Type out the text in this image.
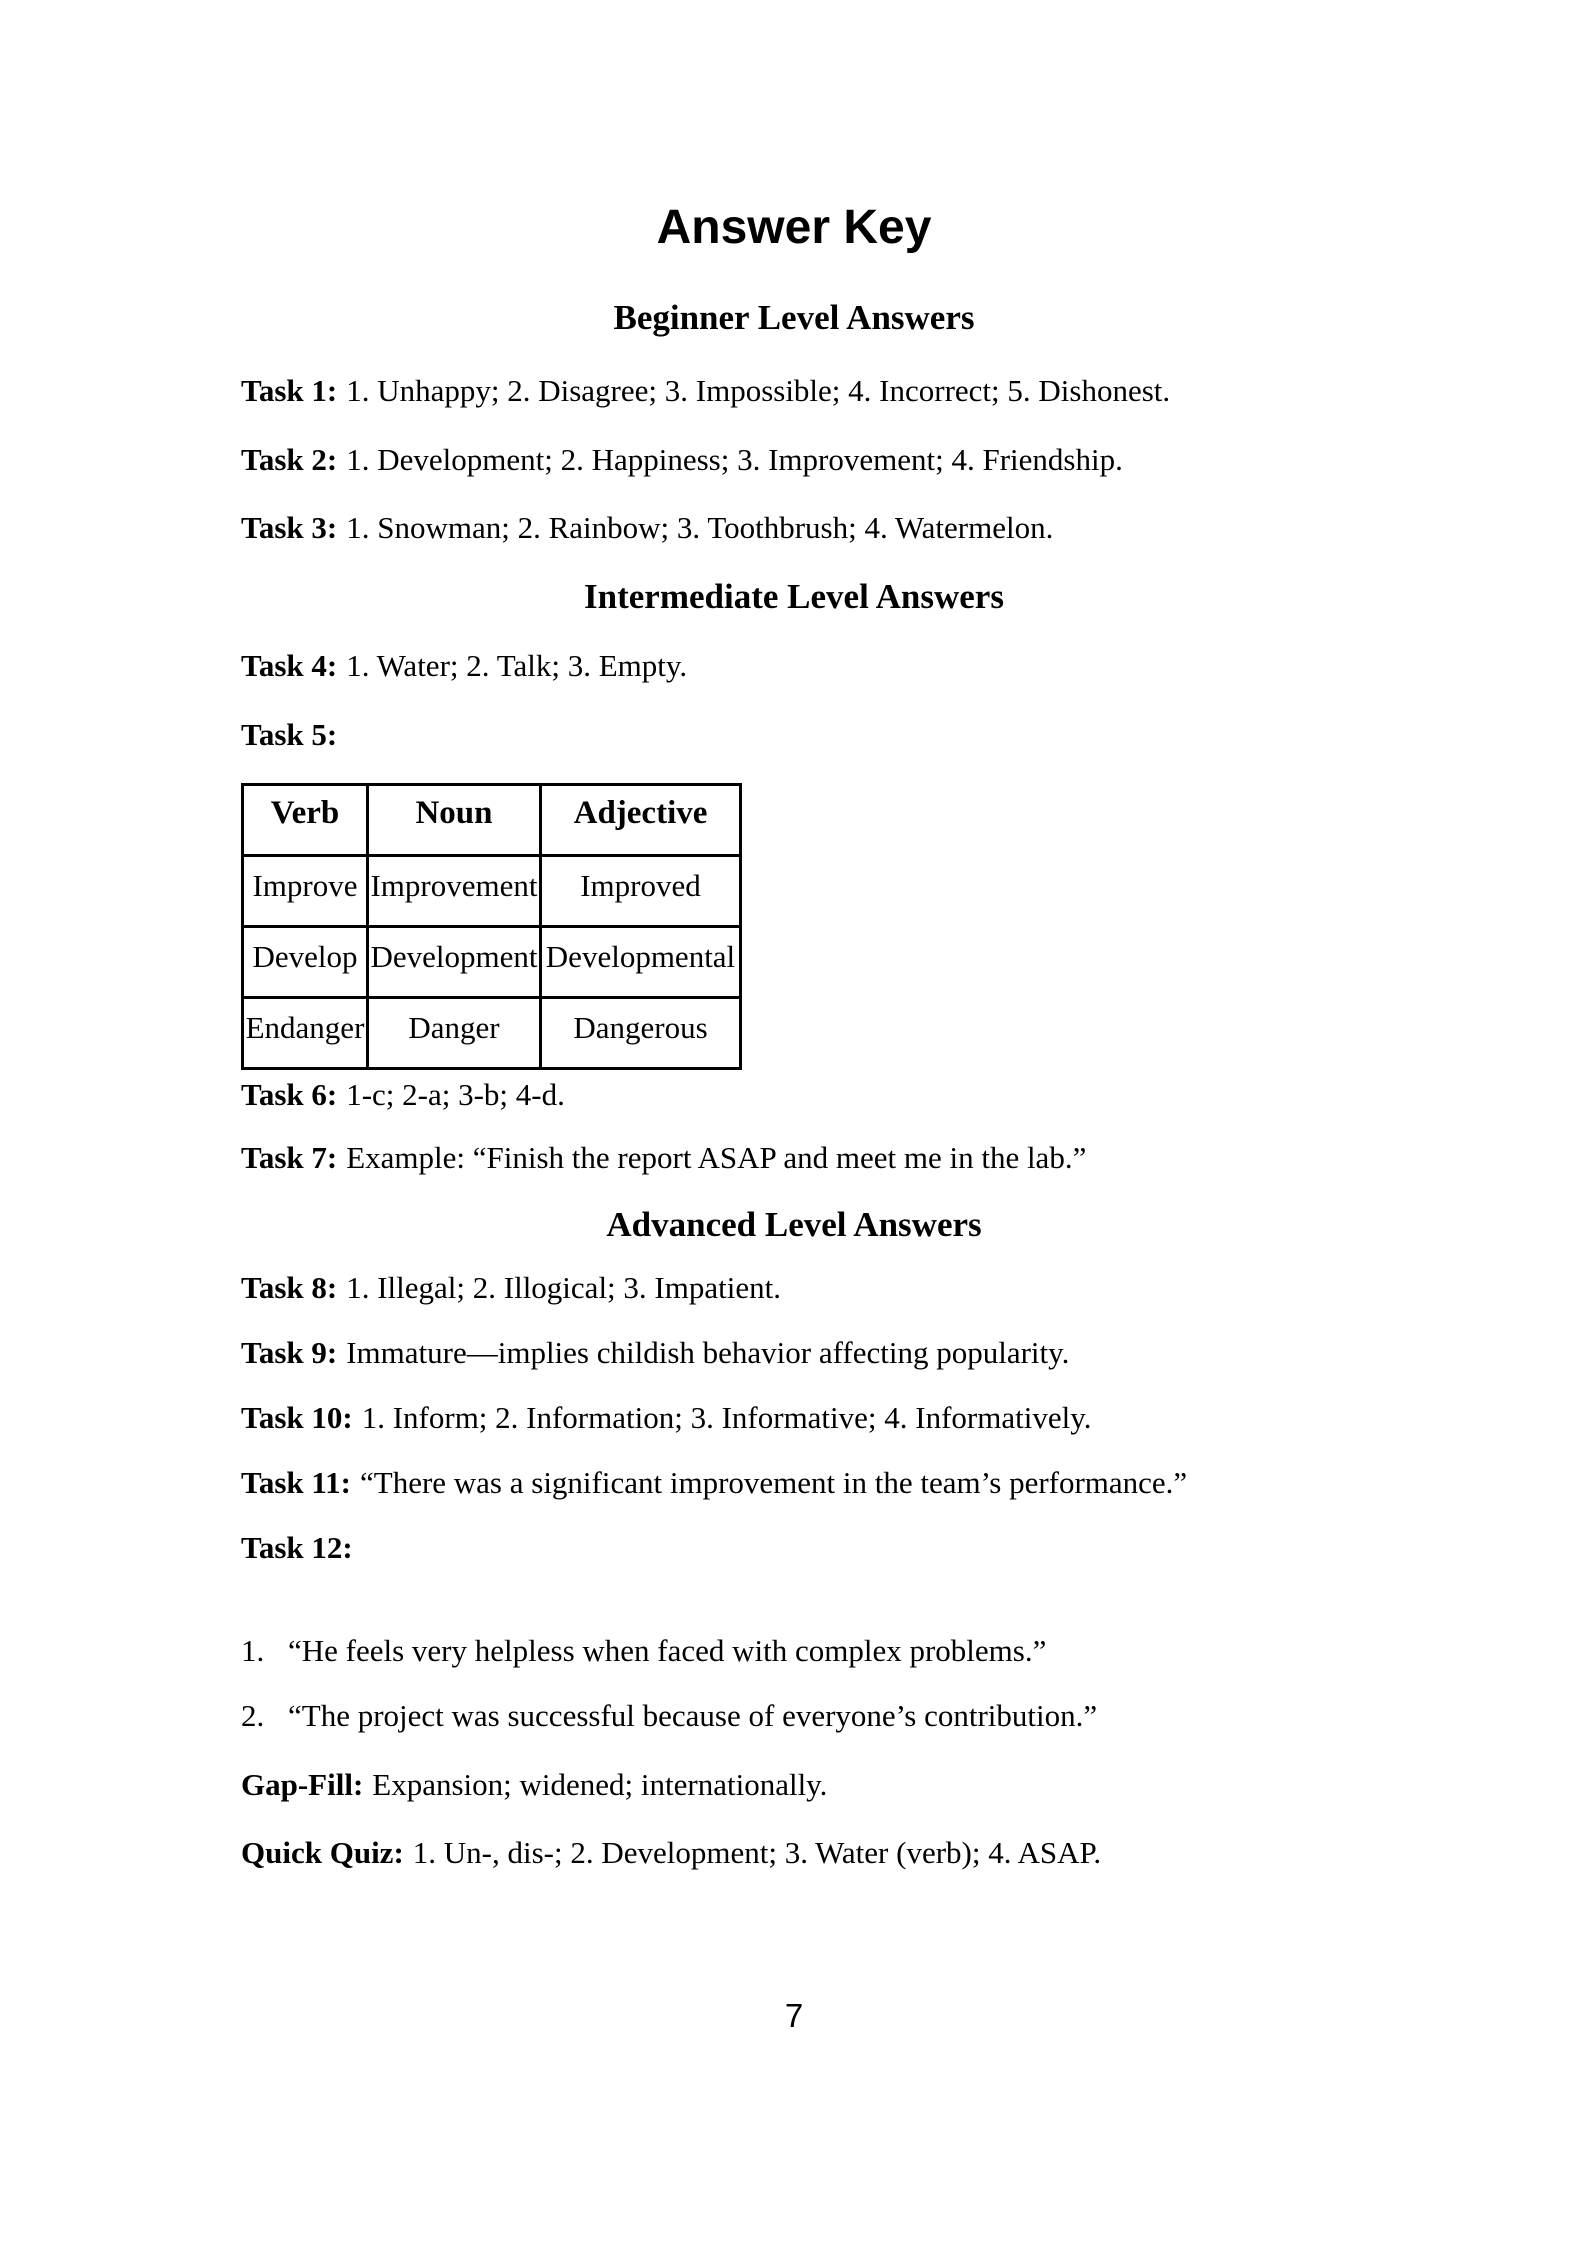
Answer Key
Beginner Level Answers
Task 1: 1. Unhappy; 2. Disagree; 3. Impossible; 4. Incorrect; 5. Dishonest.
Task 2: 1. Development; 2. Happiness; 3. Improvement; 4. Friendship.
Task 3: 1. Snowman; 2. Rainbow; 3. Toothbrush; 4. Watermelon.
Intermediate Level Answers
Task 4: 1. Water; 2. Talk; 3. Empty.
Task 5:
Verb	Noun	Adjective
Improve	Improvement	Improved
Develop	Development	Developmental
Endanger	Danger	Dangerous
Task 6: 1-c; 2-a; 3-b; 4-d.
Task 7: Example: “Finish the report ASAP and meet me in the lab.”
Advanced Level Answers
Task 8: 1. Illegal; 2. Illogical; 3. Impatient.
Task 9: Immature—implies childish behavior affecting popularity.
Task 10: 1. Inform; 2. Information; 3. Informative; 4. Informatively.
Task 11: “There was a significant improvement in the team’s performance.”
Task 12:
1. “He feels very helpless when faced with complex problems.”
2. “The project was successful because of everyone’s contribution.”
Gap-Fill: Expansion; widened; internationally.
Quick Quiz: 1. Un-, dis-; 2. Development; 3. Water (verb); 4. ASAP.
7
